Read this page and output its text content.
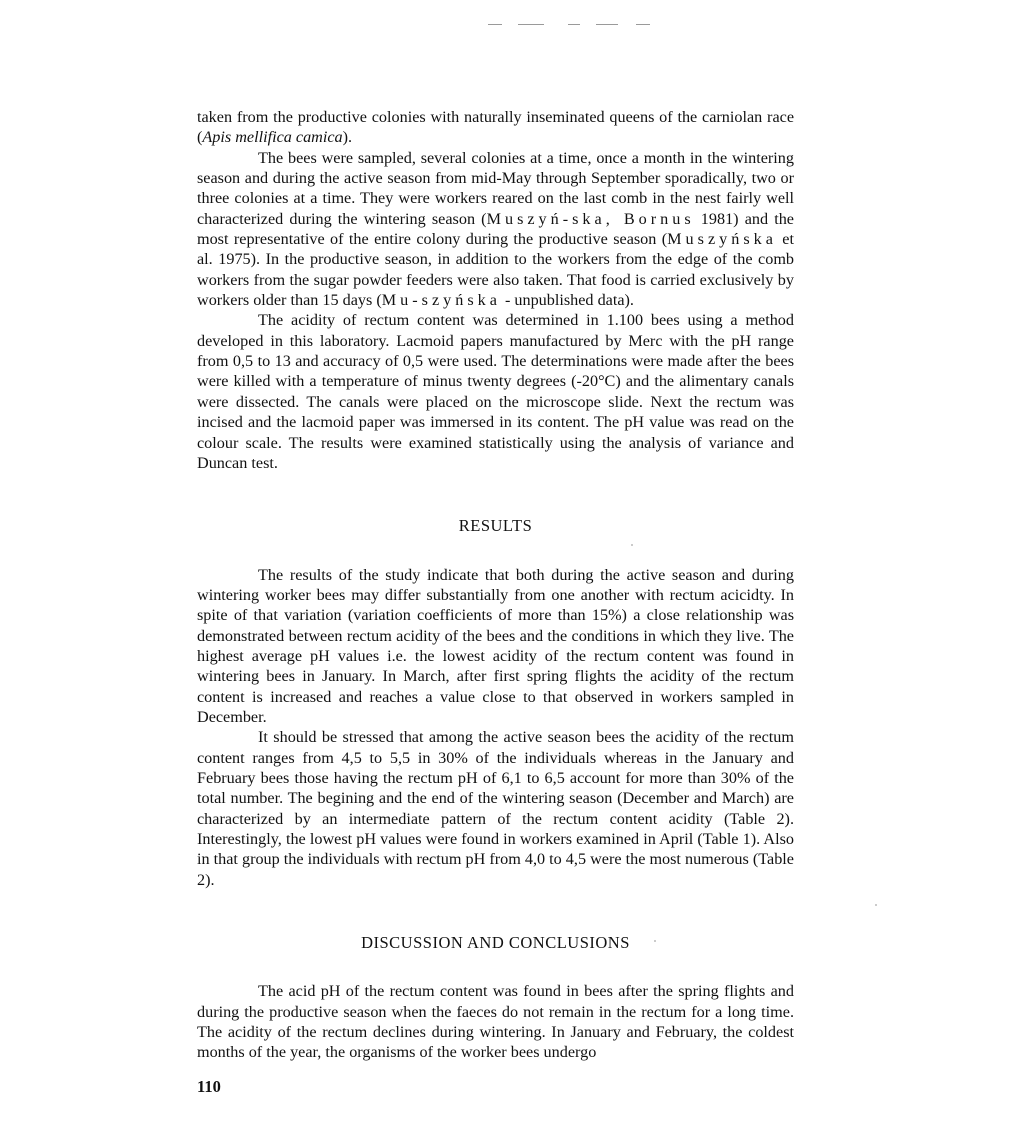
taken from the productive colonies with naturally inseminated queens of the carniolan race (Apis mellifica camica).

The bees were sampled, several colonies at a time, once a month in the wintering season and during the active season from mid-May through September sporadically, two or three colonies at a time. They were workers reared on the last comb in the nest fairly well characterized during the wintering season (Muszyń-ska, Bornus 1981) and the most representative of the entire colony during the productive season (Muszyńska et al. 1975). In the productive season, in addition to the workers from the edge of the comb workers from the sugar powder feeders were also taken. That food is carried exclusively by workers older than 15 days (Mu-szyńska - unpublished data).

The acidity of rectum content was determined in 1.100 bees using a method developed in this laboratory. Lacmoid papers manufactured by Merc with the pH range from 0,5 to 13 and accuracy of 0,5 were used. The determinations were made after the bees were killed with a temperature of minus twenty degrees (-20°C) and the alimentary canals were dissected. The canals were placed on the microscope slide. Next the rectum was incised and the lacmoid paper was immersed in its content. The pH value was read on the colour scale. The results were examined statistically using the analysis of variance and Duncan test.

RESULTS

The results of the study indicate that both during the active season and during wintering worker bees may differ substantially from one another with rectum aciсidty. In spite of that variation (variation coefficients of more than 15%) a close relationship was demonstrated between rectum acidity of the bees and the conditions in which they live. The highest average pH values i.e. the lowest acidity of the rectum content was found in wintering bees in January. In March, after first spring flights the acidity of the rectum content is increased and reaches a value close to that observed in workers sampled in December.

It should be stressed that among the active season bees the acidity of the rectum content ranges from 4,5 to 5,5 in 30% of the individuals whereas in the January and February bees those having the rectum pH of 6,1 to 6,5 account for more than 30% of the total number. The begining and the end of the wintering season (December and March) are characterized by an intermediate pattern of the rectum content acidity (Table 2). Interestingly, the lowest pH values were found in workers examined in April (Table 1). Also in that group the individuals with rectum pH from 4,0 to 4,5 were the most numerous (Table 2).

DISCUSSION AND CONCLUSIONS

The acid pH of the rectum content was found in bees after the spring flights and during the productive season when the faeces do not remain in the rectum for a long time. The acidity of the rectum declines during wintering. In January and February, the coldest months of the year, the organisms of the worker bees undergo

110
